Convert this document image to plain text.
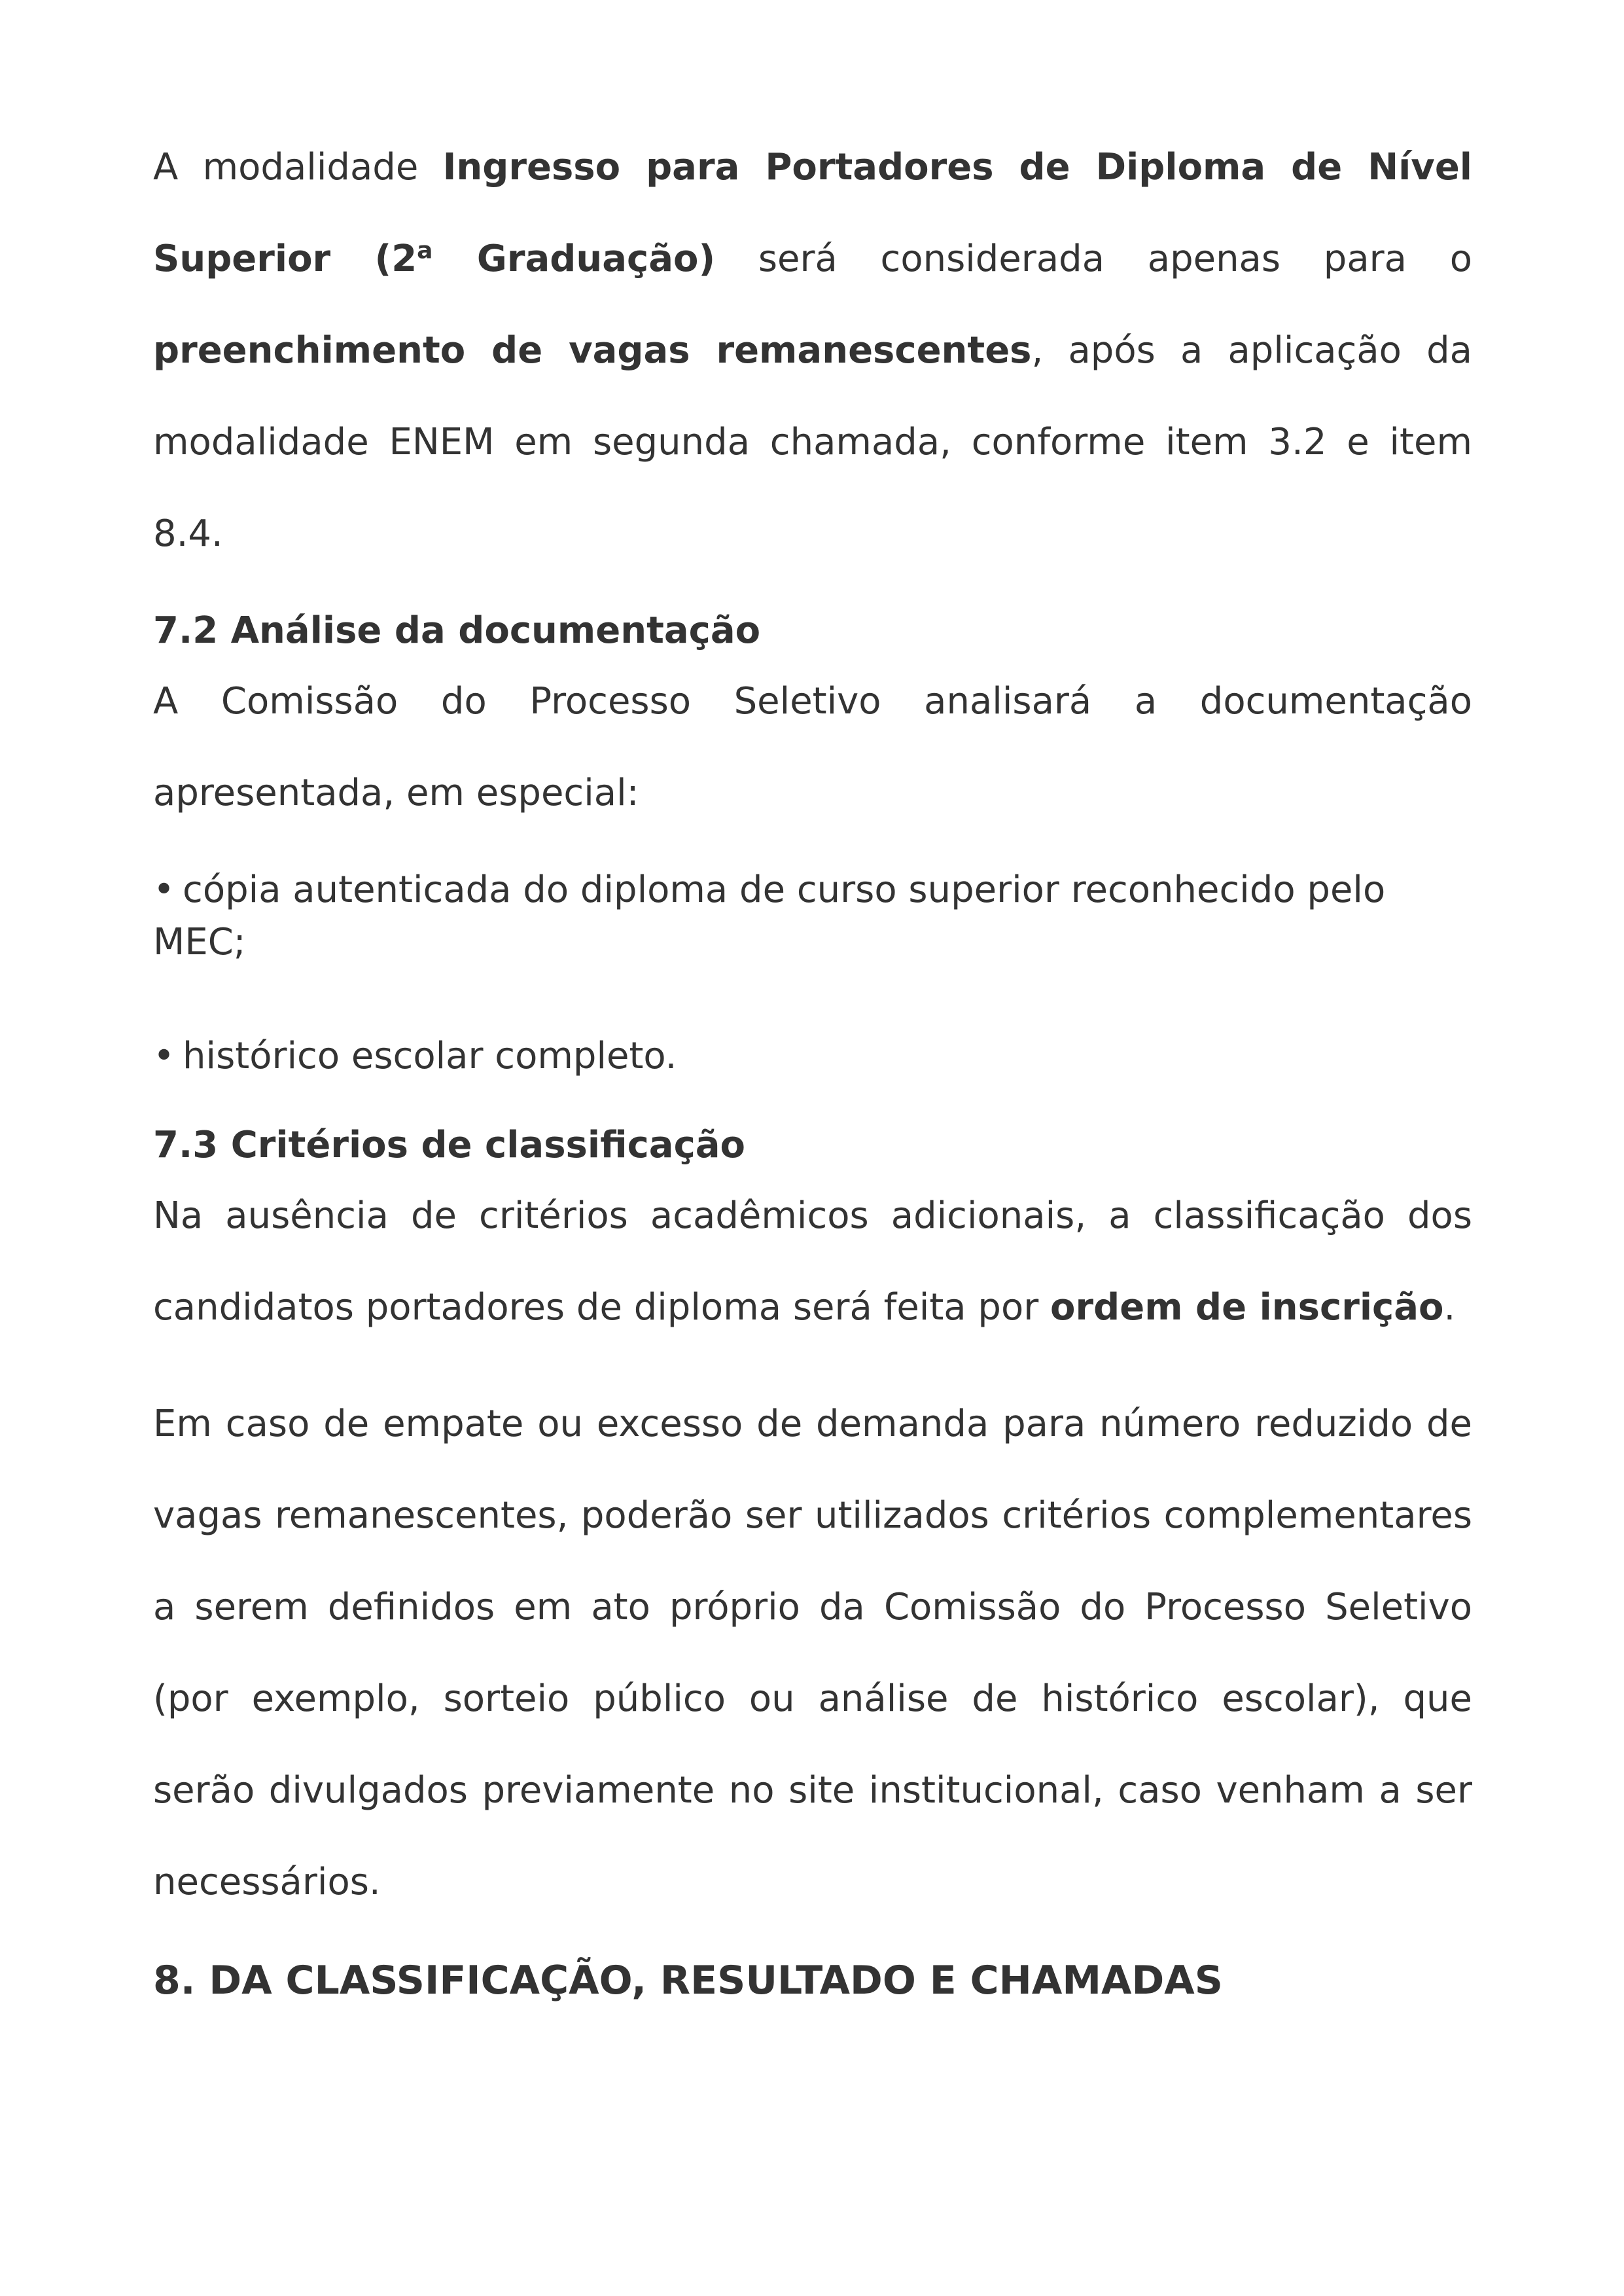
A modalidade Ingresso para Portadores de Diploma de Nível Superior (2$^a$ Graduação) será considerada apenas para o preenchimento de vagas remanescentes, após a aplicação da modalidade ENEM em segunda chamada, conforme item 3.2 e item 8.4.

7.2 Análise da documentação

A Comissão do Processo Seletivo analisará a documentação apresentada, em especial:

• cópia autenticada do diploma de curso superior reconhecido pelo MEC;

• histórico escolar completo.

7.3 Critérios de classificação

Na ausência de critérios acadêmicos adicionais, a classificação dos candidatos portadores de diploma será feita por ordem de inscrição.

Em caso de empate ou excesso de demanda para número reduzido de vagas remanescentes, poderão ser utilizados critérios complementares a serem definidos em ato próprio da Comissão do Processo Seletivo (por exemplo, sorteio público ou análise de histórico escolar), que serão divulgados previamente no site institucional, caso venham a ser necessários.

8. DA CLASSIFICAÇÃO, RESULTADO E CHAMADAS
